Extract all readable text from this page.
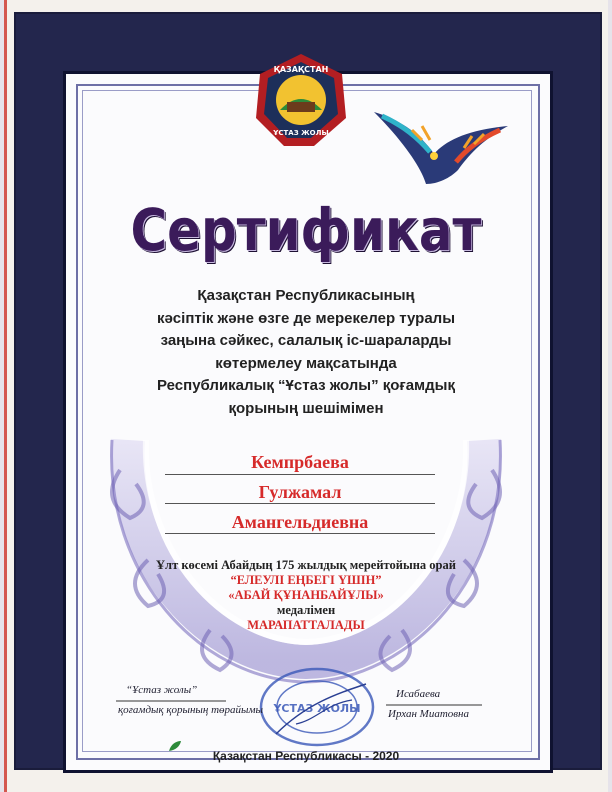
ҚАЗАҚСТАН
ҰСТАЗ ЖОЛЫ
Сертификат
Қазақстан Республикасының
кәсіптік және өзге де мерекелер туралы
заңына сәйкес, салалық іс-шараларды
көтермелеу мақсатында
Республикалық “Ұстаз жолы” қоғамдық
қорының шешімімен
Кемпрбаева
Гулжамал
Амангельдиевна
Ұлт көсемі Абайдың 175 жылдық мерейтойына орай
“ЕЛЕУЛІ ЕҢБЕГІ ҮШІН”
«АБАЙ ҚҰНАНБАЙҰЛЫ»
медалімен
МАРАПАТТАЛАДЫ
ҰСТАЗ ЖОЛЫ
“Ұстаз жолы”
қоғамдық қорының төрайымы
Исабаева
Ирхан Миатовна
Қазақстан Республикасы - 2020
